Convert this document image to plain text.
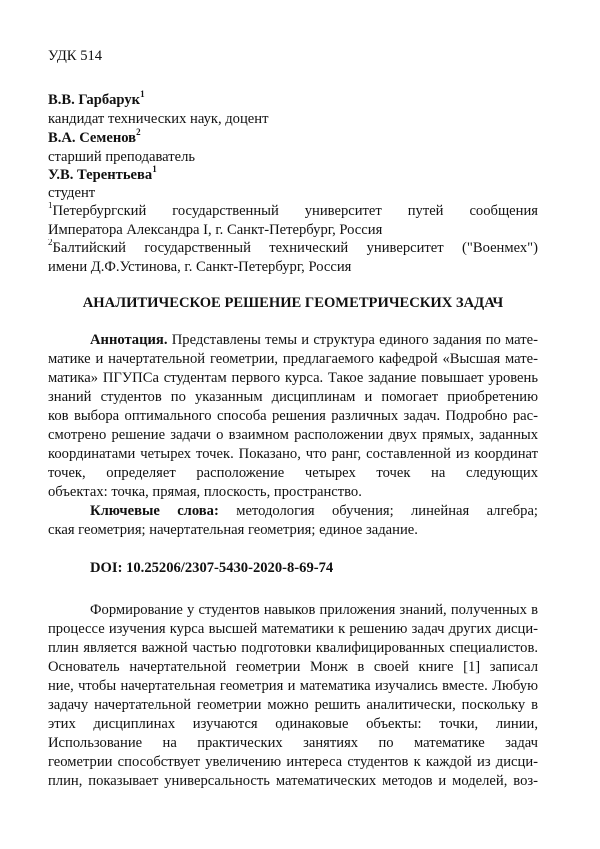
УДК 514
В.В. Гарбарук$^1$
кандидат технических наук, доцент
В.А. Семенов$^2$
старший преподаватель
У.В. Терентьева$^1$
студент
$^1$Петербургский государственный университет путей сообщения
Императора Александра I, г. Санкт-Петербург, Россия
$^2$Балтийский государственный технический университет ("Военмех")
имени Д.Ф.Устинова, г. Санкт-Петербург, Россия
АНАЛИТИЧЕСКОЕ РЕШЕНИЕ ГЕОМЕТРИЧЕСКИХ ЗАДАЧ
Аннотация. Представлены темы и структура единого задания по мате-
матике и начертательной геометрии, предлагаемого кафедрой «Высшая мате-
матика» ПГУПСа студентам первого курса. Такое задание повышает уровень
знаний студентов по указанным дисциплинам и помогает приобретению
ков выбора оптимального способа решения различных задач. Подробно рас-
смотрено решение задачи о взаимном расположении двух прямых, заданных
координатами четырех точек. Показано, что ранг, составленной из координат
точек, определяет расположение четырех точек на следующих
объектах: точка, прямая, плоскость, пространство.
Ключевые слова: методология обучения; линейная алгебра;
ская геометрия; начертательная геометрия; единое задание.
DOI: 10.25206/2307-5430-2020-8-69-74
Формирование у студентов навыков приложения знаний, полученных в
процессе изучения курса высшей математики к решению задач других дисци-
плин является важной частью подготовки квалифицированных специалистов.
Основатель начертательной геометрии Монж в своей книге [1] записал
ние, чтобы начертательная геометрия и математика изучались вместе. Любую
задачу начертательной геометрии можно решить аналитически, поскольку в
этих дисциплинах изучаются одинаковые объекты: точки, линии,
Использование на практических занятиях по математике задач
геометрии способствует увеличению интереса студентов к каждой из дисци-
плин, показывает универсальность математических методов и моделей, воз-
